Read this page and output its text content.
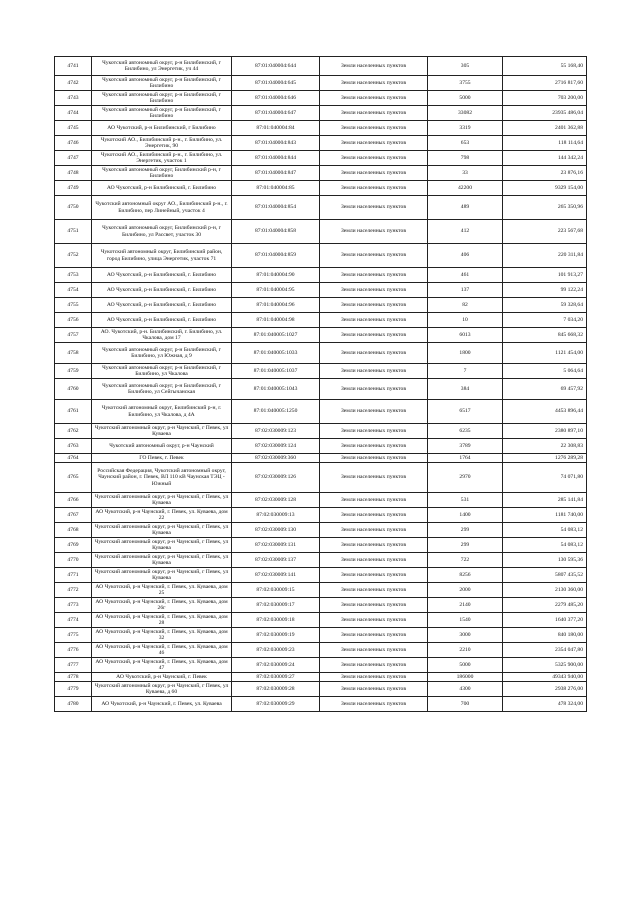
4741	Чукотский автономный округ, р-н Билибинский, г Билибино, ул Энергетик, уч 44	87:01:040004:644	Земли населенных пунктов	305	55 168,40
4742	Чукотский автономный округ, р-н Билибинский, г Билибино	87:01:040004:645	Земли населенных пунктов	3755	2716 817,60
4743	Чукотский автономный округ, р-н Билибинский, г Билибино	87:01:040004:646	Земли населенных пунктов	5000	703 200,00
4744	Чукотский автономный округ, р-н Билибинский, г Билибино	87:01:040004:647	Земли населенных пунктов	33082	23935 486,04
4745	АО Чукотский, р-н Билибинский, г Билибино	87:01:040004:84	Земли населенных пунктов	3319	2401 362,88
4746	Чукотский АО., Билибинский р-н., г. Билибино, ул. Энергетик, 90	87:01:040004:843	Земли населенных пунктов	653	118 114,64
4747	Чукотский АО., Билибинский р-н., г. Билибино, ул. Энергетик, участок 1	87:01:040004:844	Земли населенных пунктов	798	144 342,24
4748	Чукотский автономный округ, Билибинский р-н, г Билибино	87:01:040004:847	Земли населенных пунктов	33	23 876,16
4749	АО Чукотский, р-н Билибинский, г. Билибино	87:01:040004:85	Земли населенных пунктов	42200	9329 154,00
4750	Чукотский автономный округ АО., Билибинский р-н., г. Билибино, пер Линейный, участок 4	87:01:040004:854	Земли населенных пунктов	489	265 350,96
4751	Чукотский автономный округ, Билибинский р-н, г Билибино, ул Рассвет, участок 30	87:01:040004:858	Земли населенных пунктов	412	223 567,68
4752	Чукотский автономный округ, Билибинский район, город Билибино, улица Энергетик, участок 71	87:01:040004:859	Земли населенных пунктов	406	220 311,84
4753	АО Чукотский, р-н Билибинский, г. Билибино	87:01:040004:90	Земли населенных пунктов	461	101 913,27
4754	АО Чукотский, р-н Билибинский, г. Билибино	87:01:040004:95	Земли населенных пунктов	137	99 122,24
4755	АО Чукотский, р-н Билибинский, г. Билибино	87:01:040004:96	Земли населенных пунктов	82	59 328,64
4756	АО Чукотский, р-н Билибинский, г. Билибино	87:01:040004:98	Земли населенных пунктов	10	7 034,20
4757	АО. Чукотский, р-н. Билибинский, г. Билибино, ул. Чкалова, дом 17	87:01:040005:1027	Земли населенных пунктов	6013	845 668,32
4758	Чукотский автономный округ, р-н Билибинский, г Билибино, ул Южная, д 9	87:01:040005:1033	Земли населенных пунктов	1800	1121 454,00
4759	Чукотский автономный округ, р-н Билибинский, г Билибино, ул Чкалова	87:01:040005:1037	Земли населенных пунктов	7	5 064,64
4760	Чукотский автономный округ, р-н Билибинский, г Билибино, ул Сейгычанская	87:01:040005:1043	Земли населенных пунктов	384	69 457,92
4761	Чукотский автономный округ, Билибинский р-н, г. Билибино, ул Чкалова, д 4А	87:01:040005:1250	Земли населенных пунктов	6517	4453 896,44
4762	Чукотский автономный округ, р-н Чаунский, г Певек, ул Куваева	87:02:030009:123	Земли населенных пунктов	6235	2380 897,10
4763	Чукотский автономный округ, р-н Чаунский	87:02:030009:124	Земли населенных пунктов	3789	22 308,83
4764	ГО Певек, г. Певек	87:02:030009:360	Земли населенных пунктов	1764	1276 289,28
4765	Российская Федерация, Чукотский автономный округ, Чаунский район, г. Певек, ВЛ 110 кВ Чаунская ТЭЦ - Южный	87:02:030009:126	Земли населенных пунктов	2970	74 071,80
4766	Чукотский автономный округ, р-н Чаунский, г Певек, ул Куваева	87:02:030009:128	Земли населенных пунктов	531	285 141,84
4767	АО Чукотский, р-н Чаунский, г. Певек, ул. Куваева, дом 22	87:02:030009:13	Земли населенных пунктов	1400	1181 740,00
4768	Чукотский автономный округ, р-н Чаунский, г Певек, ул Куваева	87:02:030009:130	Земли населенных пунктов	299	54 083,12
4769	Чукотский автономный округ, р-н Чаунский, г Певек, ул Куваева	87:02:030009:131	Земли населенных пунктов	299	54 083,12
4770	Чукотский автономный округ, р-н Чаунский, г Певек, ул Куваева	87:02:030009:137	Земли населенных пунктов	722	130 595,36
4771	Чукотский автономный округ, р-н Чаунский, г Певек, ул Куваева	87:02:030009:141	Земли населенных пунктов	8256	5807 435,52
4772	АО Чукотский, р-н Чаунский, г. Певек, ул. Куваева, дом 25	87:02:030009:15	Земли населенных пунктов	2000	2130 360,00
4773	АО Чукотский, р-н Чаунский, г. Певек, ул. Куваева, дом 26г	87:02:030009:17	Земли населенных пунктов	2140	2279 485,20
4774	АО Чукотский, р-н Чаунский, г. Певек, ул. Куваева, дом 28	87:02:030009:18	Земли населенных пунктов	1540	1640 377,20
4775	АО Чукотский, р-н Чаунский, г. Певек, ул. Куваева, дом 32	87:02:030009:19	Земли населенных пунктов	3000	840 180,00
4776	АО Чукотский, р-н Чаунский, г. Певек, ул. Куваева, дом 46	87:02:030009:23	Земли населенных пунктов	2210	2354 047,80
4777	АО Чукотский, р-н Чаунский, г. Певек, ул. Куваева, дом 47	87:02:030009:24	Земли населенных пунктов	5000	5325 900,00
4778	АО Чукотский, р-н Чаунский, г. Певек	87:02:030009:27	Земли населенных пунктов	186000	49343 940,00
4779	Чукотский автономный округ, р-н Чаунский, г Певек, ул Куваева, д 60	87:02:030009:28	Земли населенных пунктов	4300	2938 276,00
4780	АО Чукотский, р-н Чаунский, г. Певек, ул. Куваева	87:02:030009:29	Земли населенных пунктов	700	478 324,00
